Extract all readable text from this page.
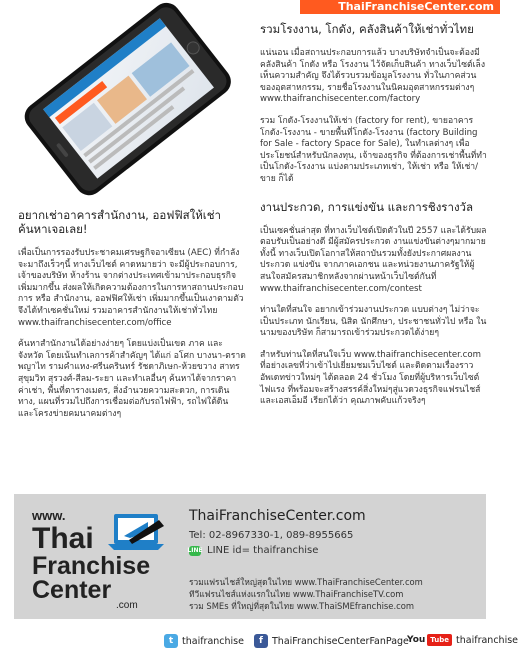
ThaiFranchiseCenter.com
อยากเช่าอาคารสำนักงาน, ออฟฟิสให้เช่า ค้นหาเจอเลย!

เพื่อเป็นการรองรับประชาคมเศรษฐกิจอาเซียน (AEC) ที่กำลังจะมาถึงเร็วๆนี้ ทางเว็บไซต์ คาดหมายว่า จะมีผู้ประกอบการ, เจ้าของบริษัท ห้างร้าน จากต่างประเทศเข้ามาประกอบธุรกิจเพิ่มมากขึ้น ส่งผลให้เกิดความต้องการในการหาสถานประกอบการ หรือ สำนักงาน, ออฟฟิศให้เช่า เพิ่มมากขึ้นเป็นเงาตามตัว จึงได้ทำเซคชั่นใหม่ รวมอาคารสำนักงานให้เช่าทั่วไทย www.thaifranchisecenter.com/office

ค้นหาสำนักงานได้อย่างง่ายๆ โดยแบ่งเป็นเขต ภาค และจังหวัด โดยเน้นทำเลการค้าสำคัญๆ ได้แก่ อโศก บางนา-ตราด พญาไท รามคำแหง-ศรีนครินทร์ รัชดาภิเษก-ห้วยขวาง สาทร สุขุมวิท สุรวงศ์-สีลม-ระยา และทำเลอื่นๆ ค้นหาได้จากราคาค่าเช่า, พื้นที่ตารางเมตร, สิ่งอำนวยความสะดวก, การเดินทาง, แผนที่รวมไปถึงการเชื่อมต่อกับรถไฟฟ้า, รถไฟใต้ดิน และโครงข่ายคมนาคมต่างๆ

รวมโรงงาน, โกดัง, คลังสินค้าให้เช่าทั่วไทย

แน่นอน เมื่อสถานประกอบการแล้ว บางบริษัทจำเป็นจะต้องมีคลังสินค้า โกดัง หรือ โรงงาน ไว้จัดเก็บสินค้า ทางเว็บไซต์เล็งเห็นความสำคัญ จึงได้รวบรวมข้อมูลโรงงาน ทั่วในภาคส่วนของอุตสาหกรรม, รายชื่อโรงงานในนิคมอุตสาหกรรมต่างๆ www.thaifranchisecenter.com/factory

รวม โกดัง-โรงงานให้เช่า (factory for rent), ขายอาคารโกดัง-โรงงาน - ขายพื้นที่โกดัง-โรงงาน (factory Building for Sale - factory Space for Sale), ในทำเลต่างๆ เพื่อประโยชน์สำหรับนักลงทุน, เจ้าของธุรกิจ ที่ต้องการเช่าพื้นที่ทำเป็นโกดัง-โรงงาน แบ่งตามประเภทเช่า, ให้เช่า หรือ ให้เช่า/ขาย ก็ได้

งานประกวด, การแข่งขัน และการชิงรางวัล

เป็นเซคชั่นล่าสุด ที่ทางเว็บไซต์เปิดตัวในปี 2557 และได้รับผลตอบรับเป็นอย่างดี มีผู้สมัครประกวด งานแข่งขันต่างๆมากมาย ทั้งนี้ ทางเว็บเปิดโอกาสให้สถาบันรวมทั้งยังประกาศผลงานประกวด แข่งขัน จากภาคเอกชน และหน่วยงานภาครัฐให้ผู้สนใจสมัครสมาชิกหลังจากผ่านหน้าเว็บไซต์กันที่ www.thaifranchisecenter.com/contest

ท่านใดที่สนใจ อยากเข้าร่วมงานประกวด แบบต่างๆ ไม่ว่าจะเป็นประเภท นักเรียน, นิสิต นักศึกษา, ประชาชนทั่วไป หรือ ในนามของบริษัท ก็สามารถเข้าร่วมประกวดได้ง่ายๆ

สำหรับท่านใดที่สนใจเว็บ www.thaifranchisecenter.com ที่อย่างเลขที่ว่าเข้าไปเยี่ยมชมเว็บไซต์ และติดตามเรื่องราวอัพเดทข่าวใหม่ๆ ได้ตลอด 24 ชั่วโมง โดยที่ผู้บริหารเว็บไซต์ไฟแรง ที่พร้อมจะสร้างสรรค์สิ่งใหม่ๆสู่แวดวงธุรกิจแฟรนไชส์และเอสเอ็มอี เรียกได้ว่า คุณภาพคับแก้วจริงๆ

www.
Thai
Franchise
Center
.com
ThaiFranchiseCenter.com
Tel: 02-8967330-1, 089-8955665
LINE LINE id= thaifranchise
รวมแฟรนไชส์ใหญ่สุดในไทย www.ThaiFranchiseCenter.com
ทีวีแฟรนไชส์แห่งแรกในไทย www.ThaiFranchiseTV.com
รวม SMEs ที่ใหญ่ที่สุดในไทย www.ThaiSMEfranchise.com
t thaifranchise	f ThaiFranchiseCenterFanPage
You Tube thaifranchise
